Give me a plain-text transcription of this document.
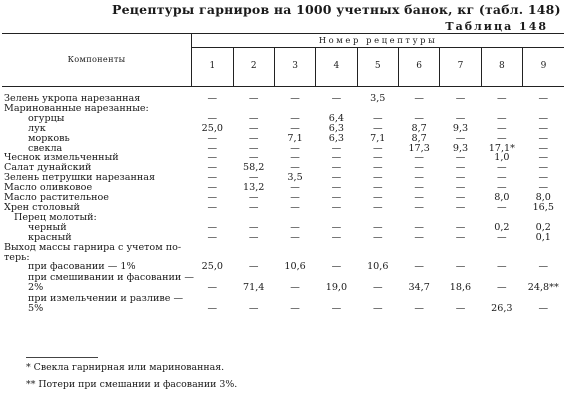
Рецептуры гарниров на 1000 учетных банок, кг (табл. 148)
Таблица 148
Компоненты	Номер рецептуры								
	1	2	3	4	5	6	7	8	9

Зелень укропа нарезанная	—	—	—	—	3,5	—	—	—	—
Маринованные нарезанные:									
огурцы	—	—	—	6,4	—	—	—	—	—
лук	25,0	—	—	6,3	—	8,7	9,3	—	—
морковь	—	—	7,1	6,3	7,1	8,7	—	—	—
свекла	—	—	—	—	—	17,3	9,3	17,1*	—
Чеснок измельченный	—	—	—	—	—	—	—	1,0	—
Салат дунайский	—	58,2	—	—	—	—	—	—	—
Зелень петрушки нарезанная	—	—	3,5	—	—	—	—	—	—
Масло оливковое	—	13,2	—	—	—	—	—	—	—
Масло растительное	—	—	—	—	—	—	—	8,0	8,0
Хрен столовый	—	—	—	—	—	—	—	—	16,5
Перец молотый:									
черный	—	—	—	—	—	—	—	0,2	0,2
красный	—	—	—	—	—	—	—	—	0,1
Выход массы гарнира с учетом по-									
терь:									
при фасовании — 1%	25,0	—	10,6	—	10,6	—	—	—	—
при смешивании и фасовании —									
2%	—	71,4	—	19,0	—	34,7	18,6	—	24,8**
при измельчении и разливе —									
5%	—	—	—	—	—	—	—	26,3	—
* Свекла гарнирная или маринованная.
** Потери при смешании и фасовании 3%.
